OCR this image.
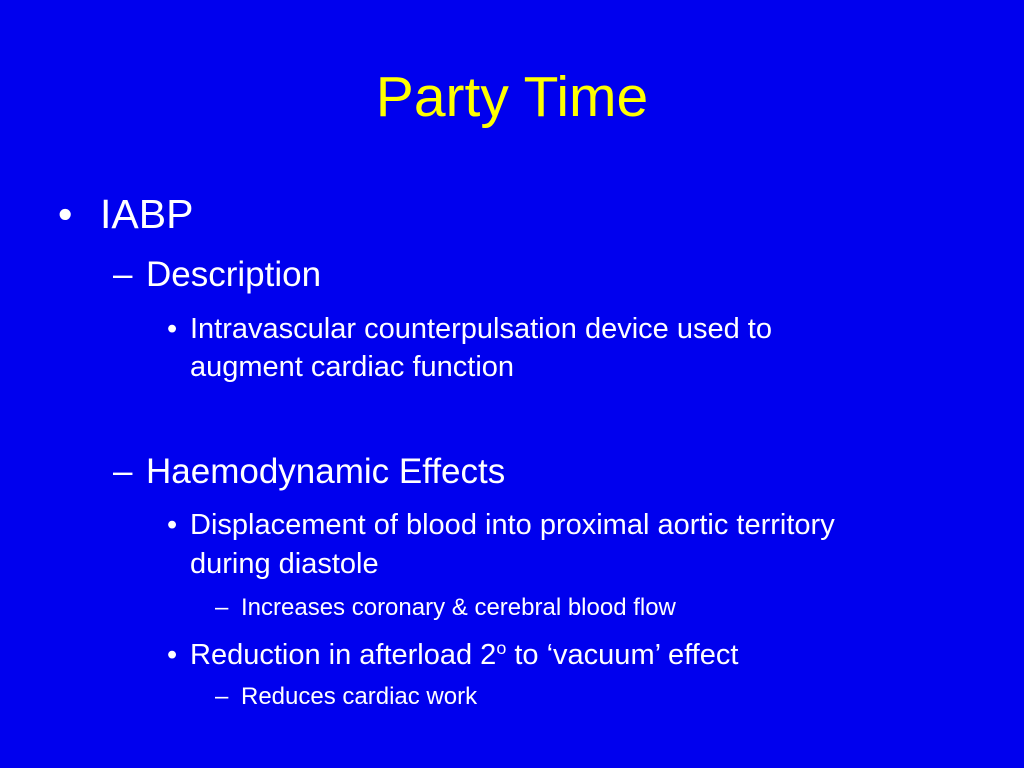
Party Time
• IABP
– Description
• Intravascular counterpulsation device used to
augment cardiac function
– Haemodynamic Effects
• Displacement of blood into proximal aortic territory
during diastole
– Increases coronary & cerebral blood flow
• Reduction in afterload 2$^o$ to ‘vacuum’ effect
– Reduces cardiac work
